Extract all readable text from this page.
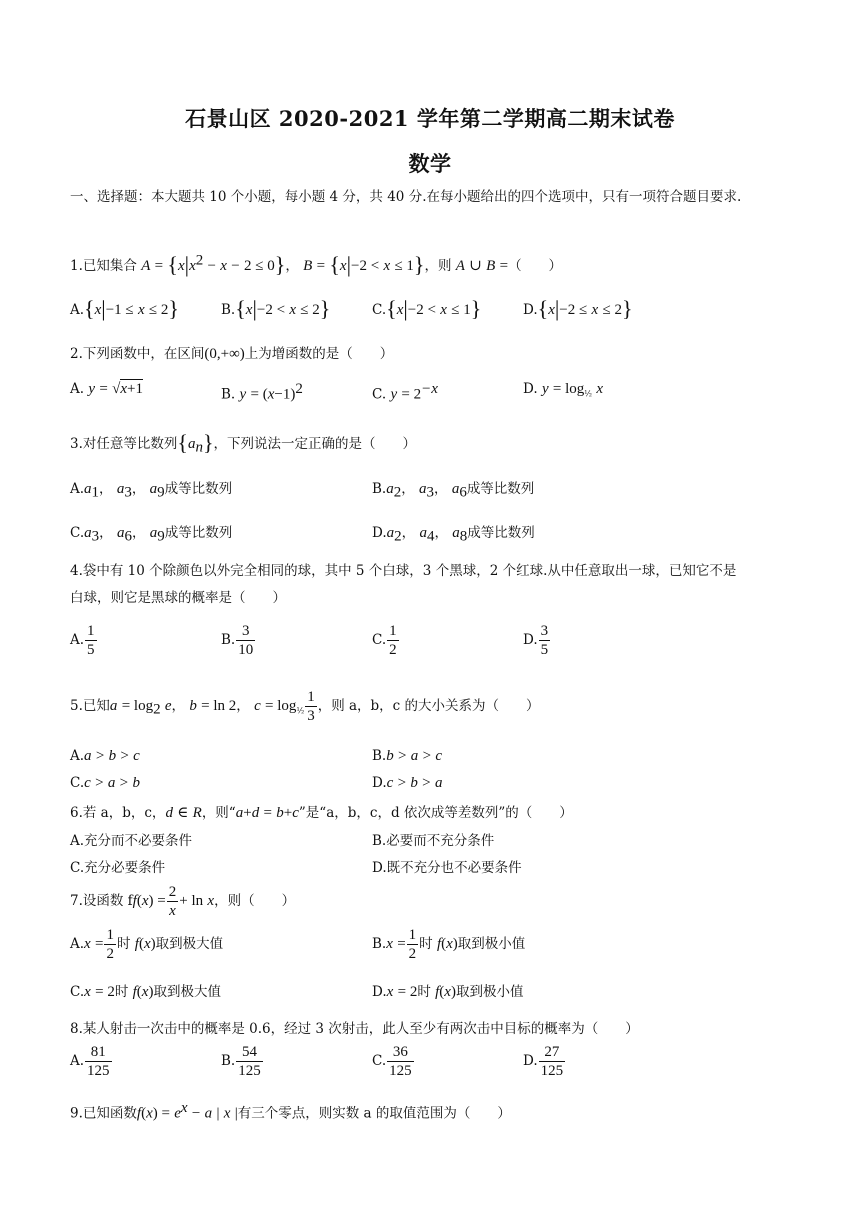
石景山区 2020-2021 学年第二学期高二期末试卷
数学
一、选择题：本大题共 10 个小题，每小题 4 分，共 40 分.在每小题给出的四个选项中，只有一项符合题目要求.
1.已知集合 $A = \{x|x^2 - x - 2 \le 0\}$， B = {x|−2 < x ≤ 1}，则 A ∪ B =（　　）
A.{x|−1 ≤ x ≤ 2}	B.{x|−2 < x ≤ 2}	C.{x|−2 < x ≤ 1}	D.{x|−2 ≤ x ≤ 2}
2.下列函数中，在区间(0,+∞)上为增函数的是（　　）
A. y = √x+1	B. $y = (x-1)^2$	C. $y = 2^{-x}$	D. $y = \log_{\frac{1}{2}} x$
3.对任意等比数列$\{a_n\}$，下列说法一定正确的是（　　）
$A.a_1$， $a_3$， $a_9$成等比数列	$B.a_2$， $a_3$， $a_6$成等比数列
$C.a_3$， $a_6$， $a_9$成等比数列	$D.a_2$， $a_4$， $a_8$成等比数列
4.袋中有 10 个除颜色以外完全相同的球，其中 5 个白球，3 个黑球，2 个红球.从中任意取出一球，已知它不是
白球，则它是黑球的概率是（　　）
A. $\frac{1}{5}$	B. $\frac{3}{10}$	C. $\frac{1}{2}$	D. $\frac{3}{5}$
5.已知$a = \log_2 e$， b = ln 2， $c = \log_{\frac{1}{2}} \frac{1}{3}$ ，则 a，b，c 的大小关系为（　　）
A.a > b > c	B.b > a > c
C.c > a > b	D.c > b > a
6.若 a，b，c，d ∈ R，则“a+d = b+c”是“a，b，c，d 依次成等差数列”的（　　）
A.充分而不必要条件	B.必要而不充分条件
C.充分必要条件	D.既不充分也不必要条件
7.设函数 $ff(x) = \frac{2}{x} + \ln x$，则（　　）
$A.x = \frac{1}{2}$ 时 f(x)取到极大值	$B.x = \frac{1}{2}$ 时 f(x)取到极小值
C.x = 2时 f(x)取到极大值	D.x = 2时 f(x)取到极小值
8.某人射击一次击中的概率是 0.6，经过 3 次射击，此人至少有两次击中目标的概率为（　　）
A. $\frac{81}{125}$	B. $\frac{54}{125}$	C. $\frac{36}{125}$	D. $\frac{27}{125}$
9.已知函数$f(x) = e^x - a$ | x |有三个零点，则实数 a 的取值范围为（　　）
